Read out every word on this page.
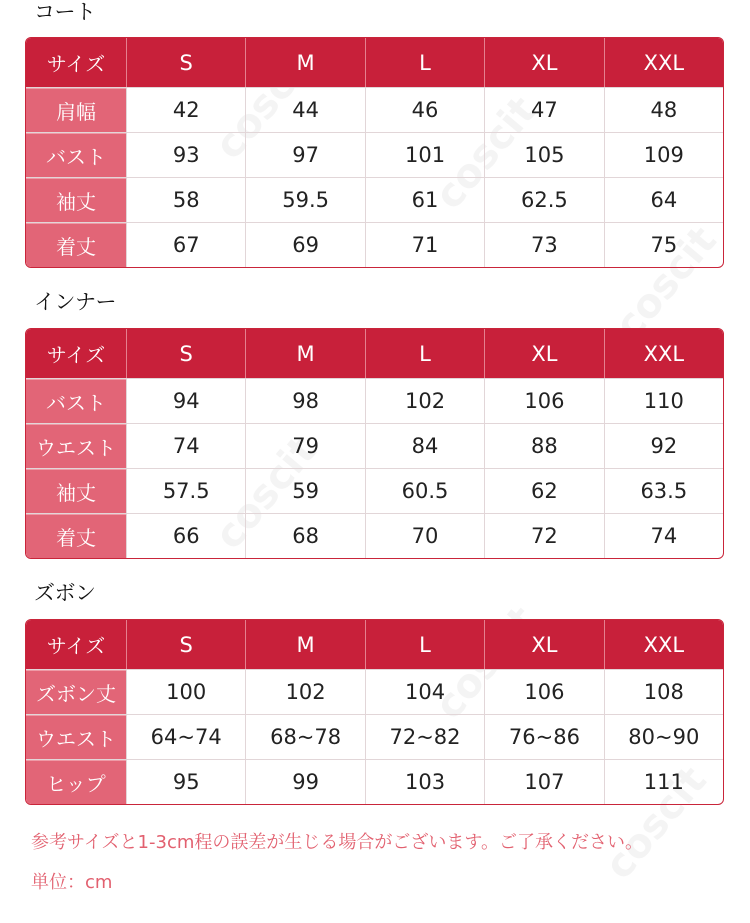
コート
サイズ	S	M	L	XL	XXL
肩幅	42	44	46	47	48
バスト	93	97	101	105	109
袖丈	58	59.5	61	62.5	64
着丈	67	69	71	73	75
インナー
サイズ	S	M	L	XL	XXL
バスト	94	98	102	106	110
ウエスト	74	79	84	88	92
袖丈	57.5	59	60.5	62	63.5
着丈	66	68	70	72	74
ズボン
サイズ	S	M	L	XL	XXL
ズボン丈	100	102	104	106	108
ウエスト	64~74	68~78	72~82	76~86	80~90
ヒップ	95	99	103	107	111
参考サイズと1-3cm程の誤差が生じる場合がございます。ご了承ください。
単位：cm
